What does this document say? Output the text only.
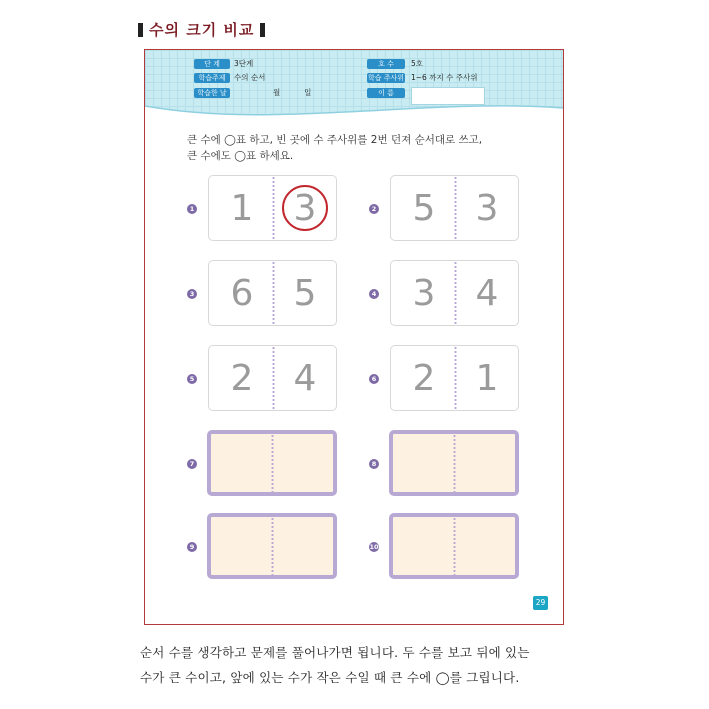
수의 크기 비교
단 계	3단계
학습주제	수의 순서
학습한 날	월          일
호 수	5호
학습 주사위 1~6 까지 수 주사위
이 름
큰 수에 ◯표 하고, 빈 곳에 수 주사위를 2번 던져 순서대로 쓰고,
큰 수에도 ◯표 하세요.
1	1	3	2	5	3
3	6	5	4	3	4
5	2	4	6	2	1
7	8
9	10
29
순서 수를 생각하고 문제를 풀어나가면 됩니다. 두 수를 보고 뒤에 있는
수가 큰 수이고, 앞에 있는 수가 작은 수일 때 큰 수에 ◯를 그립니다.
